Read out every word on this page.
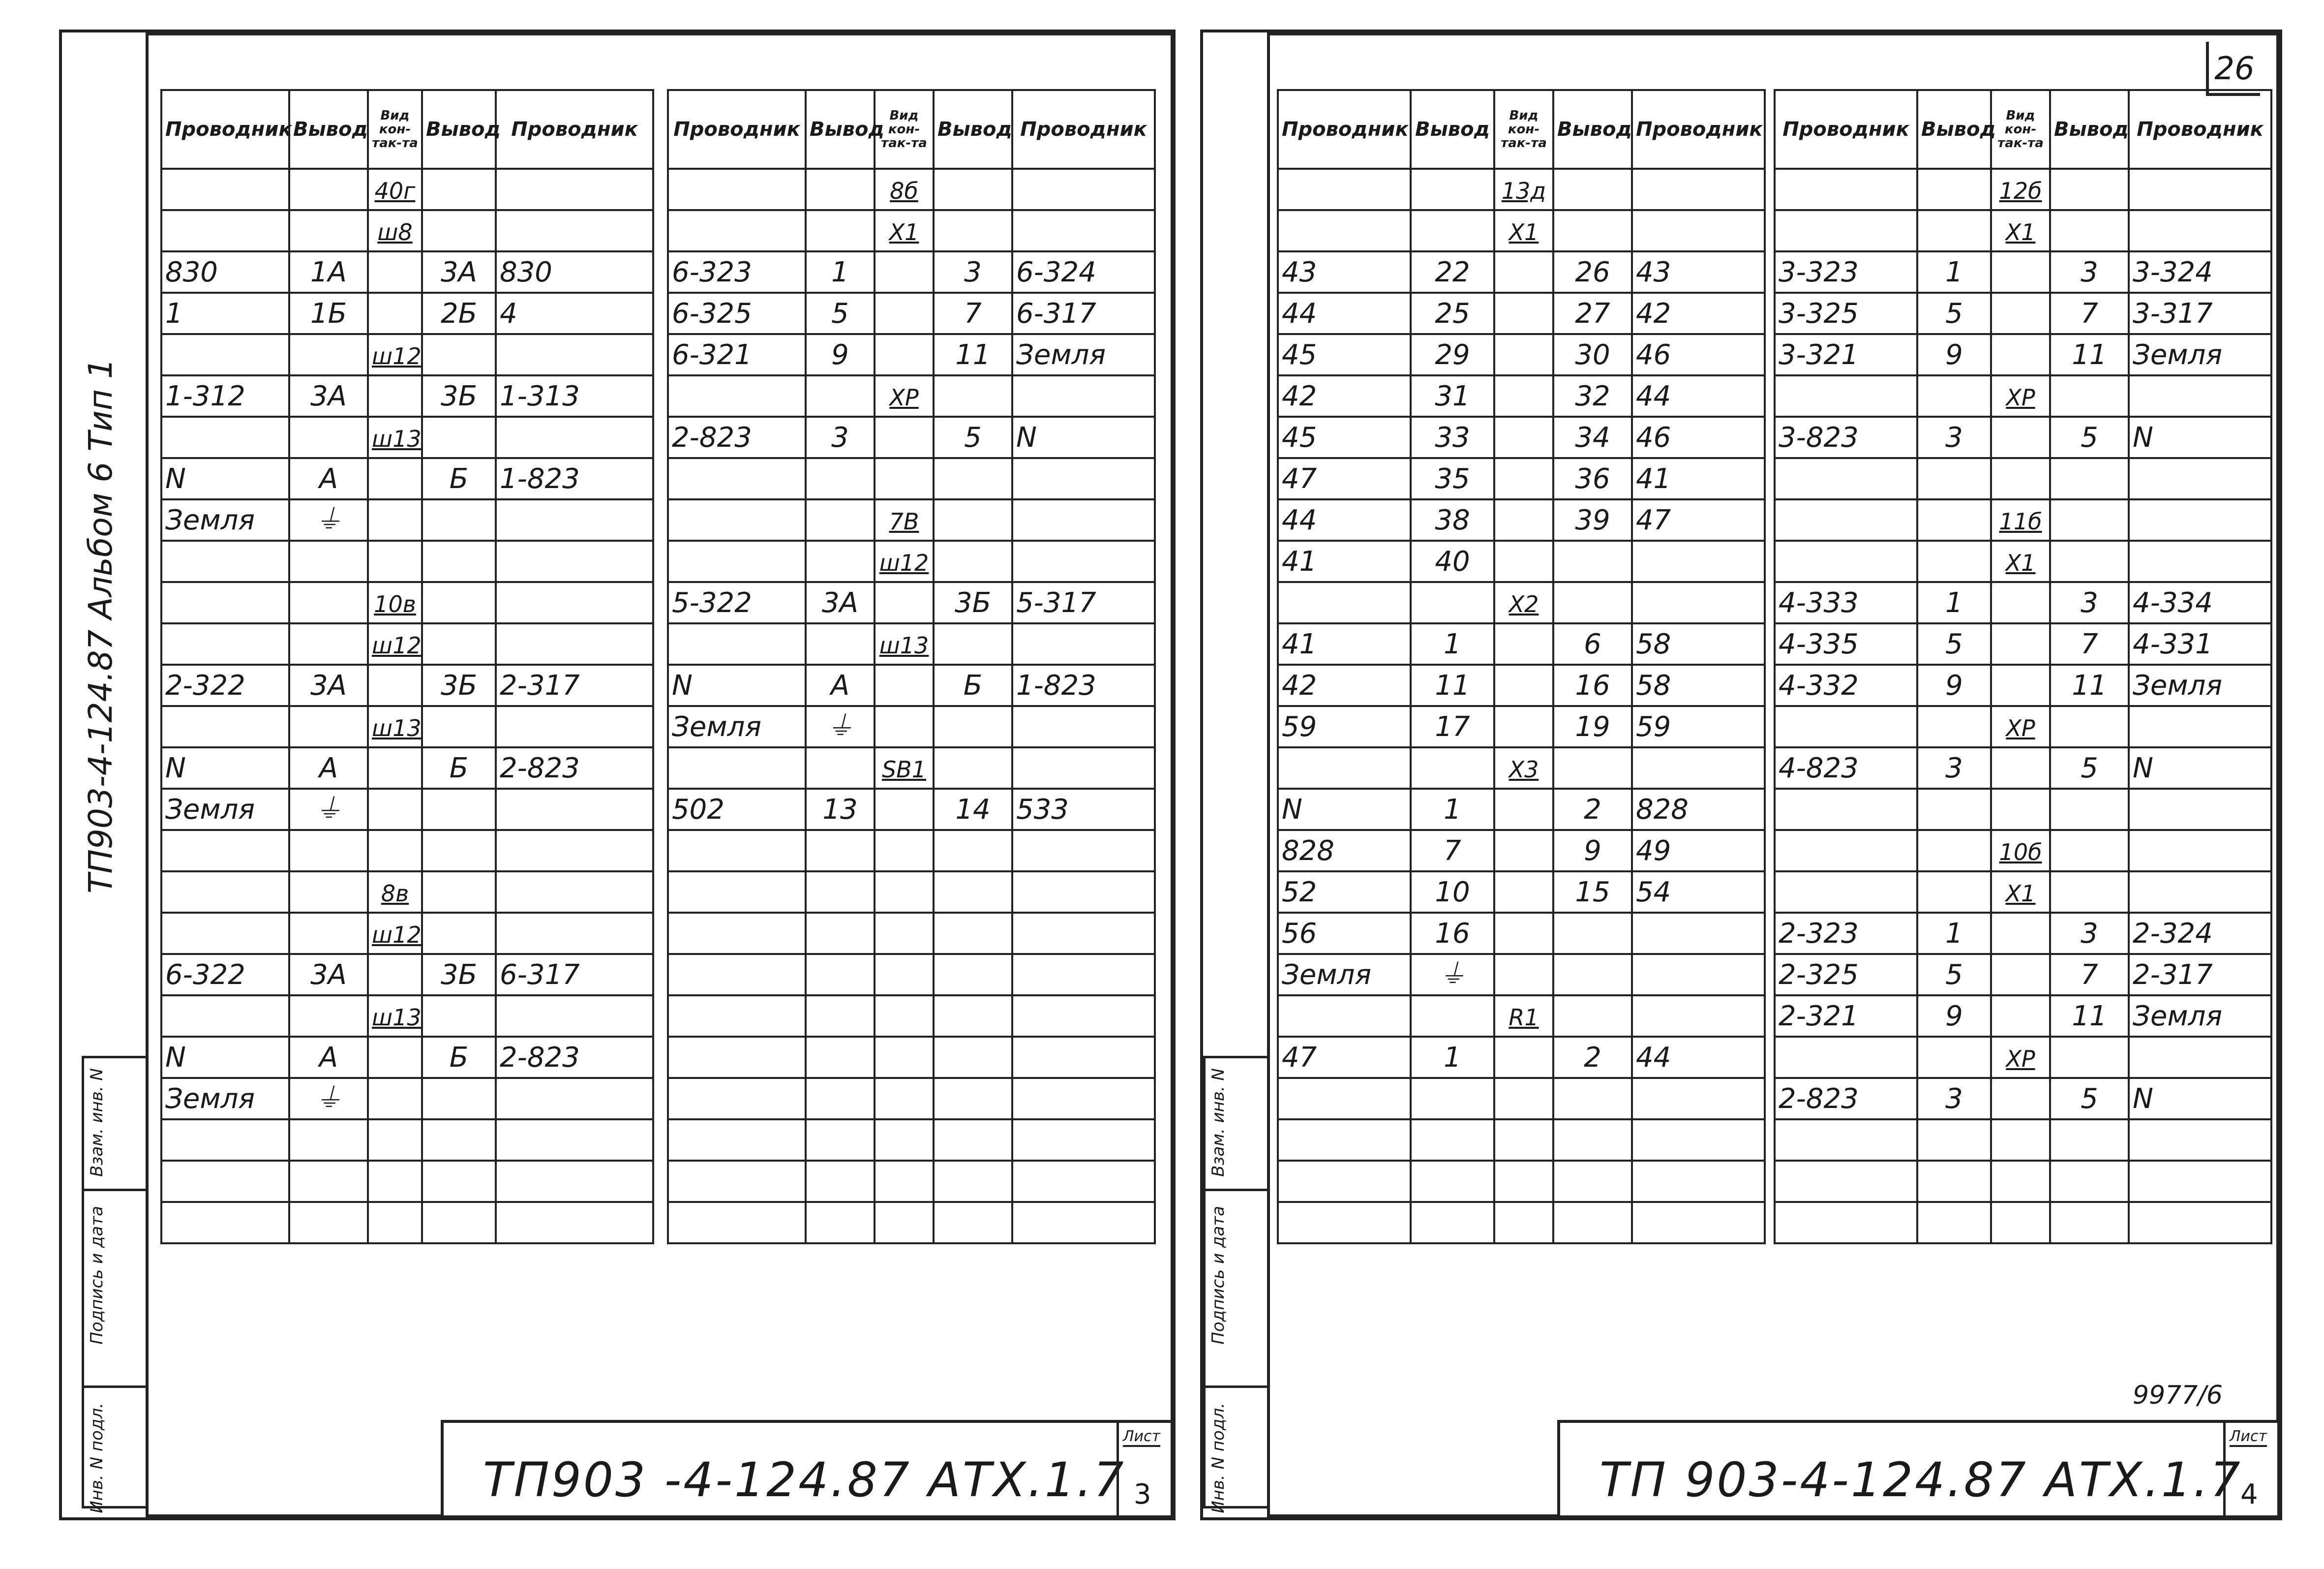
ТП903-4-124.87 Альбом 6 Тип 1
Проводник	Вывод	Вид кон-так-та	Вывод	Проводник
		40г		
		ш8		
830	1А		3А	830
1	1Б		2Б	4
		ш12		
1-312	3А		3Б	1-313
		ш13		
N	А		Б	1-823
Земля	⏚			

		10в		
		ш12		
2-322	3А		3Б	2-317
		ш13		
N	А		Б	2-823
Земля	⏚			

		8в		
		ш12		
6-322	3А		3Б	6-317
		ш13		
N	А		Б	2-823
Земля	⏚			

Проводник	Вывод	Вид кон-так-та	Вывод	Проводник
		8б		
		Х1		
6-323	1		3	6-324
6-325	5		7	6-317
6-321	9		11	Земля
		ХР		
2-823	3		5	N

		7В		
		ш12		
5-322	3А		3Б	5-317
		ш13		
N	А		Б	1-823
Земля	⏚			
		SB1		
502	13		14	533

Взам. инв. N
Подпись и дата
Инв. N подл.	ТП903 -4-124.87 АТХ.1.7
Лист
3
Проводник	Вывод	Вид кон-так-та	Вывод	Проводник
		13д		
		Х1		
43	22		26	43
44	25		27	42
45	29		30	46
42	31		32	44
45	33		34	46
47	35		36	41
44	38		39	47
41	40			
		Х2		
41	1		6	58
42	11		16	58
59	17		19	59
		Х3		
N	1		2	828
828	7		9	49
52	10		15	54
56	16			
Земля	⏚			
		R1		
47	1		2	44

Проводник	Вывод	Вид кон-так-та	Вывод	Проводник
		12б		
		Х1		
3-323	1		3	3-324
3-325	5		7	3-317
3-321	9		11	Земля
		ХР		
3-823	3		5	N

		11б		
		Х1		
4-333	1		3	4-334
4-335	5		7	4-331
4-332	9		11	Земля
		ХР		
4-823	3		5	N

		10б		
		Х1		
2-323	1		3	2-324
2-325	5		7	2-317
2-321	9		11	Земля
		ХР		
2-823	3		5	N

Взам. инв. N
Подпись и дата
Инв. N подл.
9977/6
ТП 903-4-124.87 АТХ.1.7
Лист
4
26
